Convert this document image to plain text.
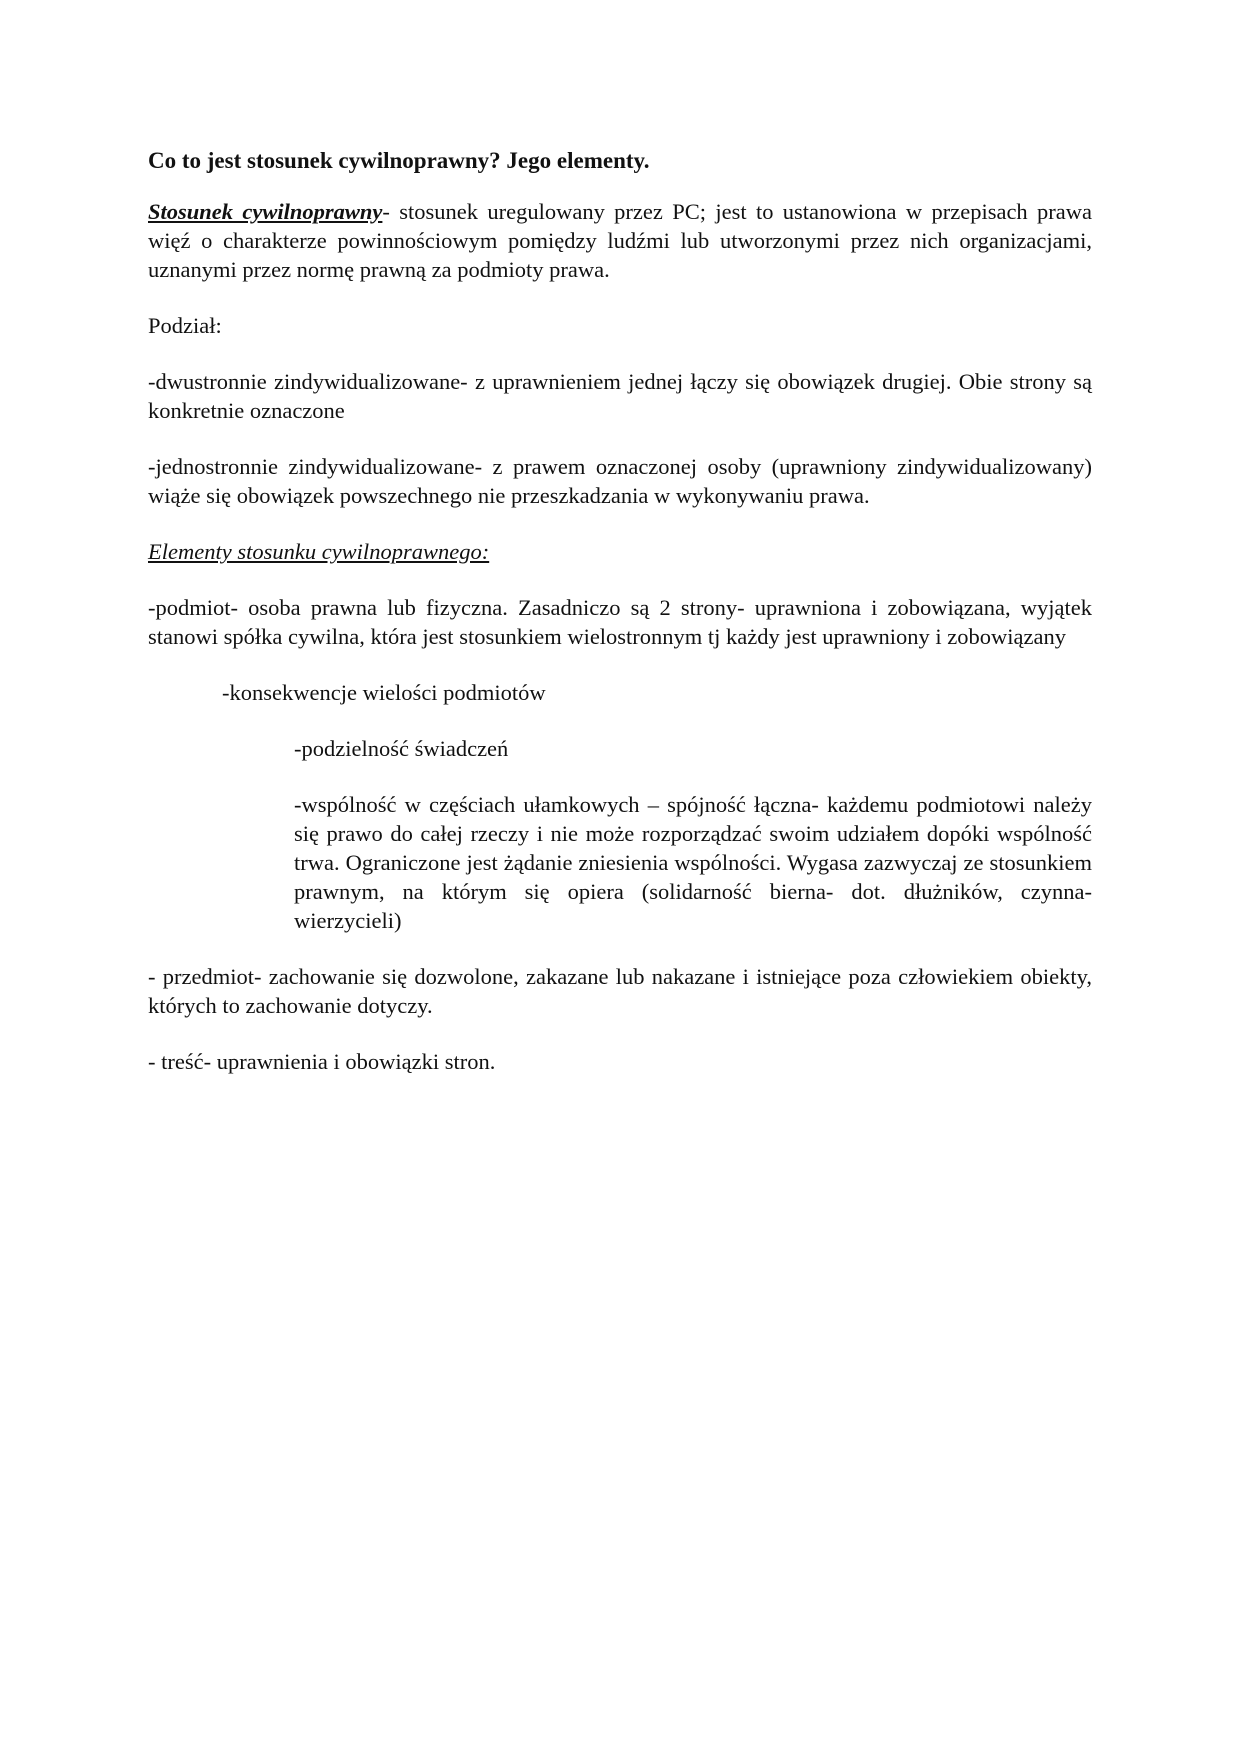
Co to jest stosunek cywilnoprawny? Jego elementy.
Stosunek cywilnoprawny- stosunek uregulowany przez PC; jest to ustanowiona w przepisach prawa więź o charakterze powinnościowym pomiędzy ludźmi lub utworzonymi przez nich organizacjami, uznanymi przez normę prawną za podmioty prawa.
Podział:
-dwustronnie zindywidualizowane- z uprawnieniem jednej łączy się obowiązek drugiej. Obie strony są konkretnie oznaczone
-jednostronnie zindywidualizowane- z prawem oznaczonej osoby (uprawniony zindywidualizowany) wiąże się obowiązek powszechnego nie przeszkadzania w wykonywaniu prawa.
Elementy stosunku cywilnoprawnego:
-podmiot- osoba prawna lub fizyczna. Zasadniczo są 2 strony- uprawniona i zobowiązana, wyjątek stanowi spółka cywilna, która jest stosunkiem wielostronnym tj każdy jest uprawniony i zobowiązany
-konsekwencje wielości podmiotów
-podzielność świadczeń
-wspólność w częściach ułamkowych – spójność łączna- każdemu podmiotowi należy się prawo do całej rzeczy i nie może rozporządzać swoim udziałem dopóki wspólność trwa. Ograniczone jest żądanie zniesienia wspólności. Wygasa zazwyczaj ze stosunkiem prawnym, na którym się opiera (solidarność bierna- dot. dłużników, czynna- wierzycieli)
- przedmiot- zachowanie się dozwolone, zakazane lub nakazane i istniejące poza człowiekiem obiekty, których to zachowanie dotyczy.
- treść- uprawnienia i obowiązki stron.
